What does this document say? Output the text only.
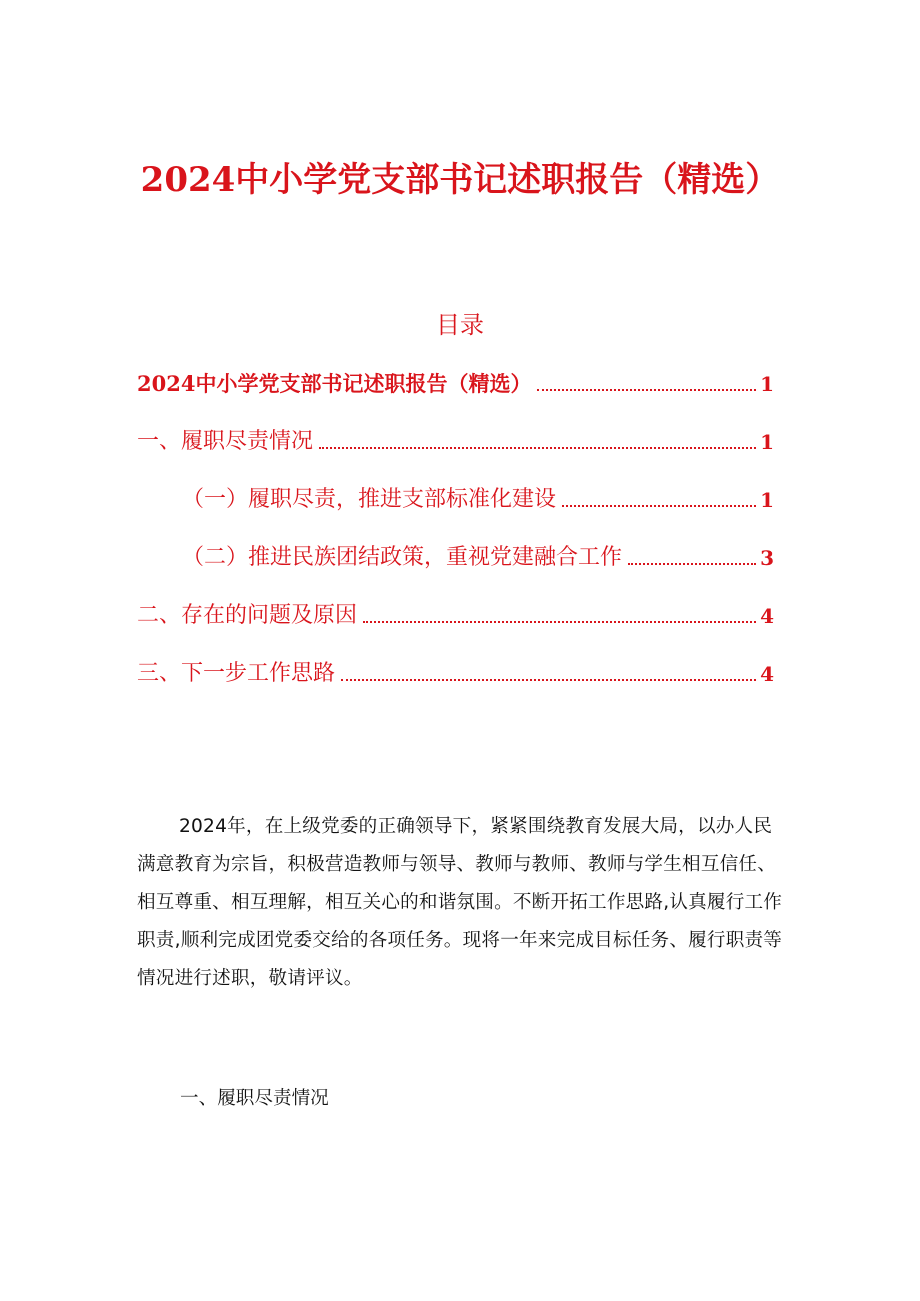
2024中小学党支部书记述职报告（精选）
目录
2024中小学党支部书记述职报告（精选）	1
一、履职尽责情况	1
（一）履职尽责，推进支部标准化建设	1
（二）推进民族团结政策，重视党建融合工作	3
二、存在的问题及原因	4
三、下一步工作思路	4

2024年，在上级党委的正确领导下，紧紧围绕教育发展大局，以办人民满意教育为宗旨，积极营造教师与领导、教师与教师、教师与学生相互信任、相互尊重、相互理解，相互关心的和谐氛围。不断开拓工作思路,认真履行工作职责,顺利完成团党委交给的各项任务。现将一年来完成目标任务、履行职责等情况进行述职，敬请评议。

一、履职尽责情况
